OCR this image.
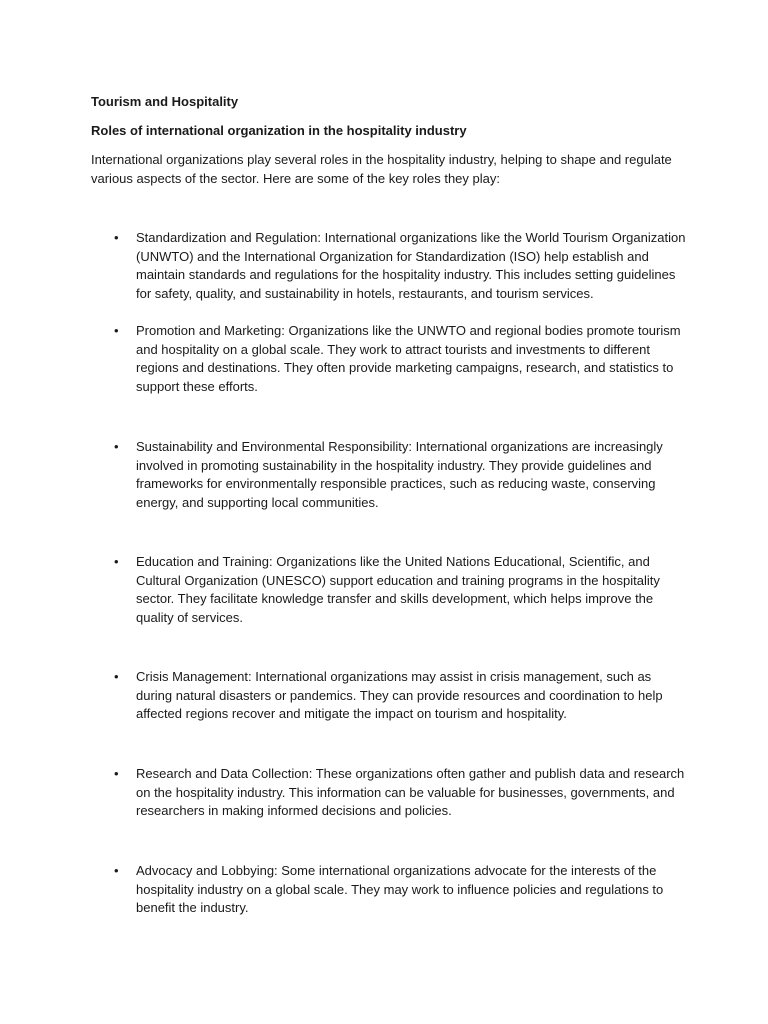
Tourism and Hospitality

Roles of international organization in the hospitality industry

International organizations play several roles in the hospitality industry, helping to shape and regulate various aspects of the sector. Here are some of the key roles they play:

• Standardization and Regulation: International organizations like the World Tourism Organization (UNWTO) and the International Organization for Standardization (ISO) help establish and maintain standards and regulations for the hospitality industry. This includes setting guidelines for safety, quality, and sustainability in hotels, restaurants, and tourism services.

• Promotion and Marketing: Organizations like the UNWTO and regional bodies promote tourism and hospitality on a global scale. They work to attract tourists and investments to different regions and destinations. They often provide marketing campaigns, research, and statistics to support these efforts.

• Sustainability and Environmental Responsibility: International organizations are increasingly involved in promoting sustainability in the hospitality industry. They provide guidelines and frameworks for environmentally responsible practices, such as reducing waste, conserving energy, and supporting local communities.

• Education and Training: Organizations like the United Nations Educational, Scientific, and Cultural Organization (UNESCO) support education and training programs in the hospitality sector. They facilitate knowledge transfer and skills development, which helps improve the quality of services.

• Crisis Management: International organizations may assist in crisis management, such as during natural disasters or pandemics. They can provide resources and coordination to help affected regions recover and mitigate the impact on tourism and hospitality.

• Research and Data Collection: These organizations often gather and publish data and research on the hospitality industry. This information can be valuable for businesses, governments, and researchers in making informed decisions and policies.

• Advocacy and Lobbying: Some international organizations advocate for the interests of the hospitality industry on a global scale. They may work to influence policies and regulations to benefit the industry.
